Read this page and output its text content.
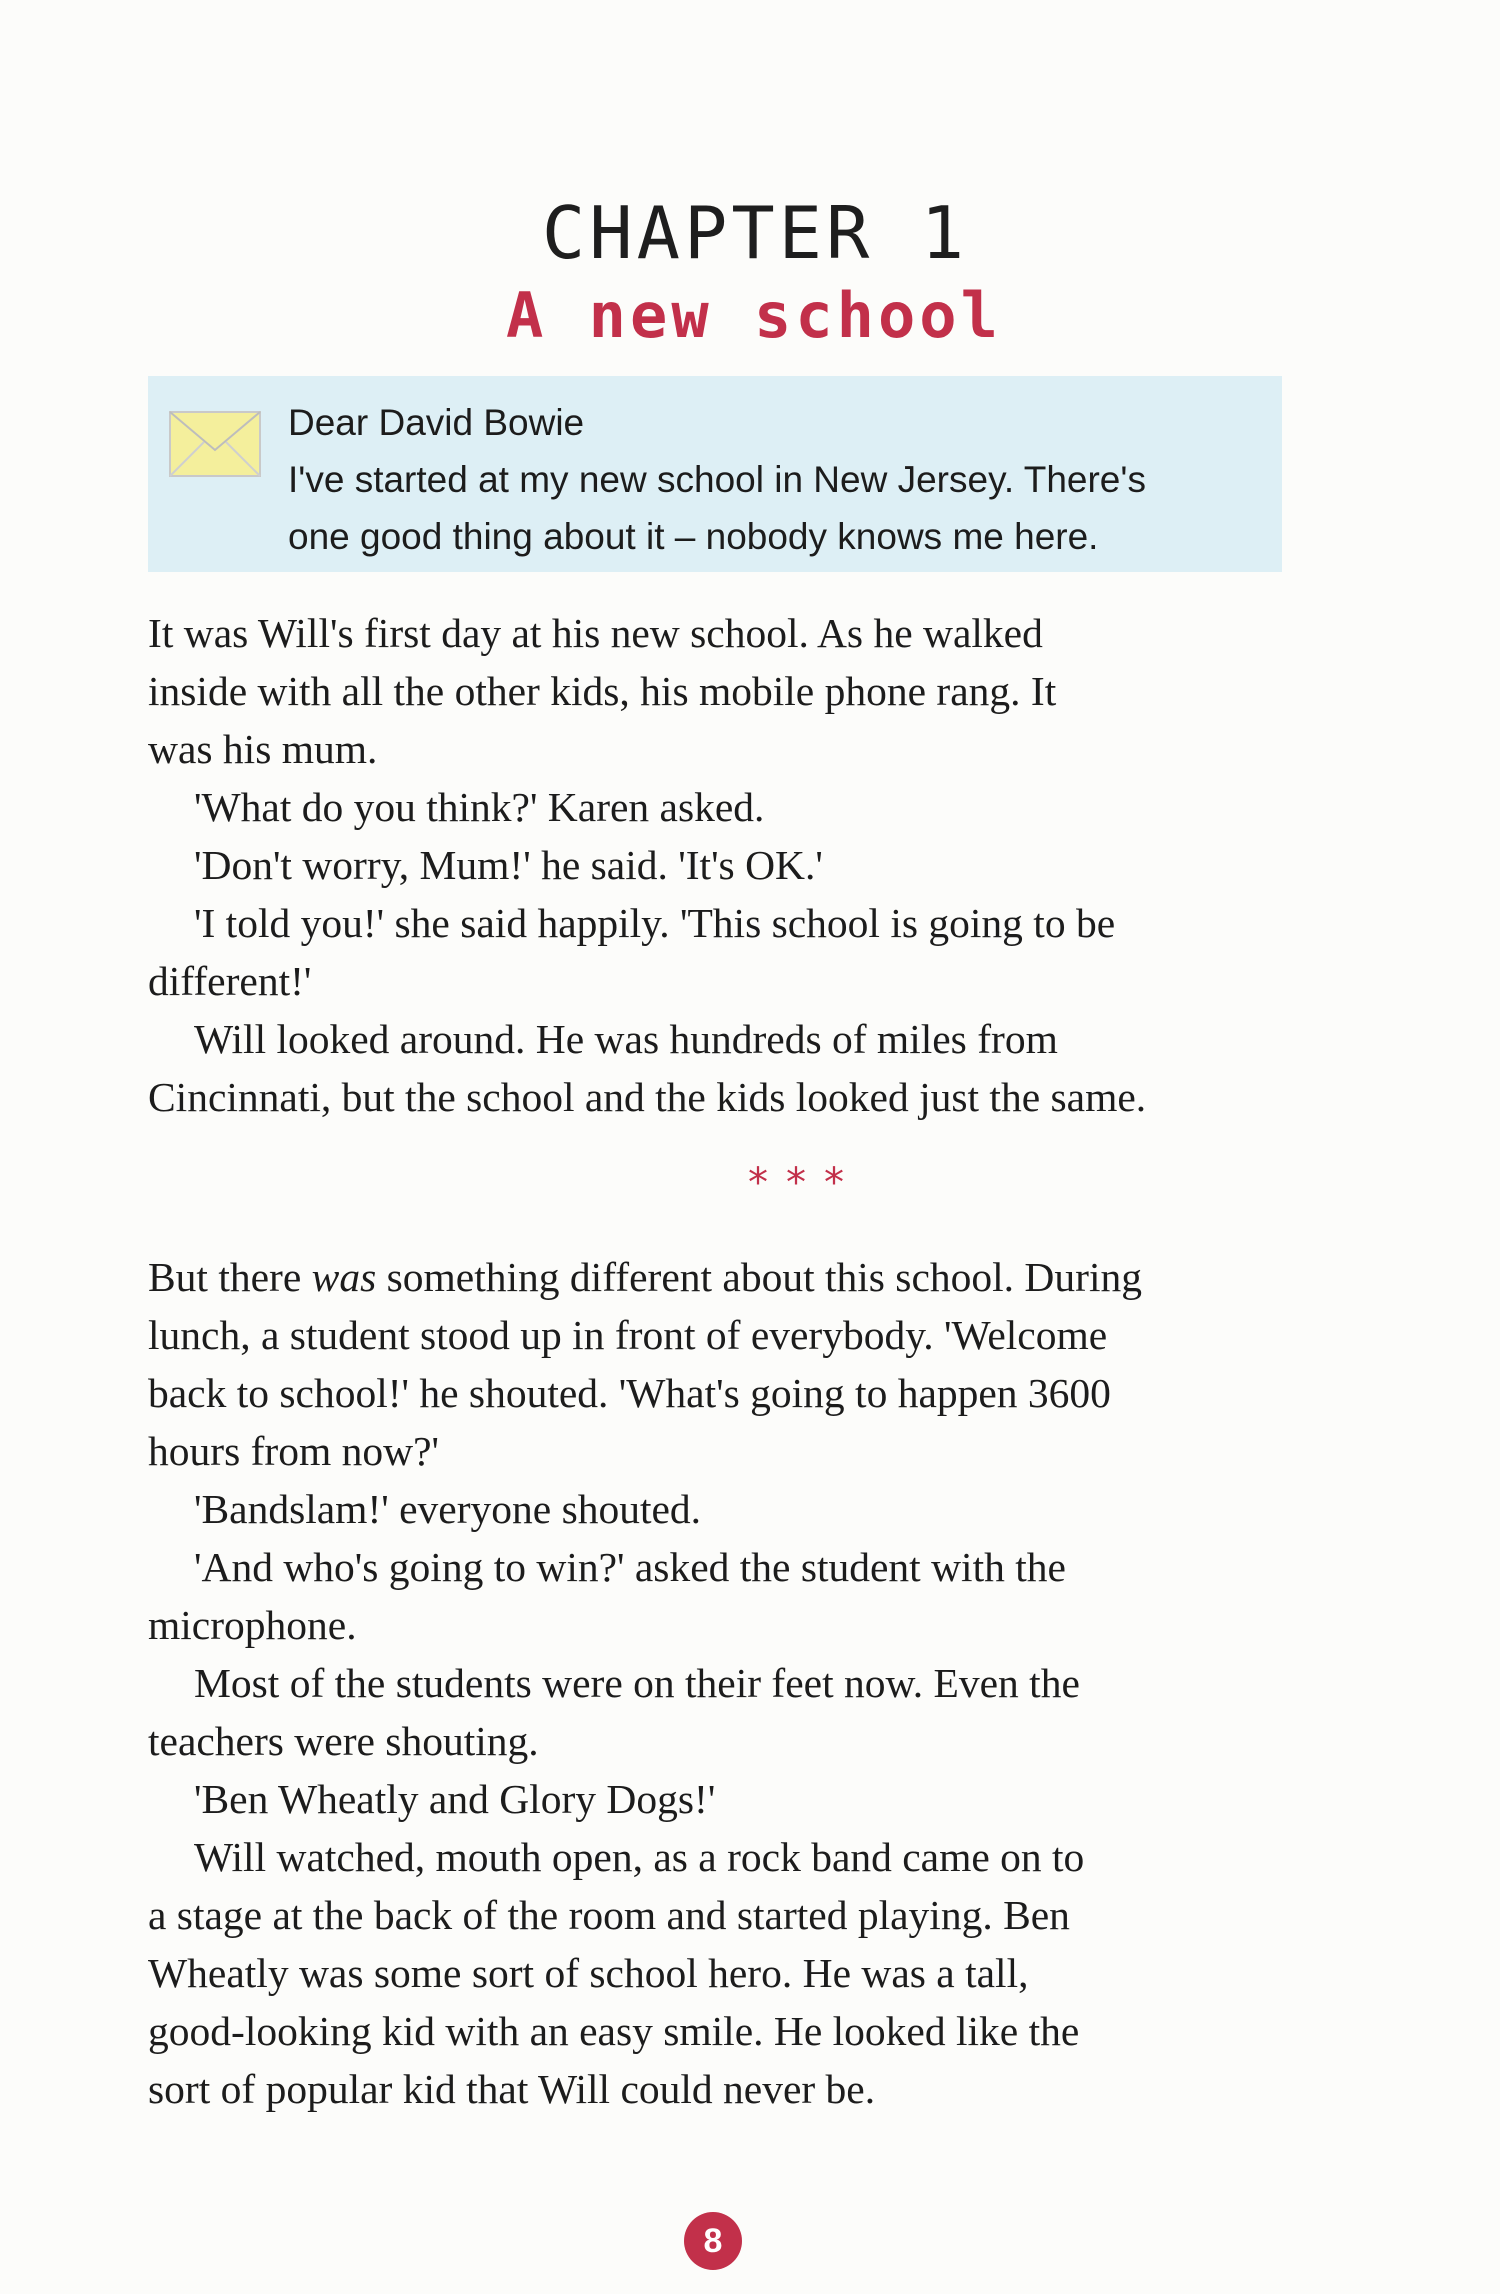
CHAPTER 1
A new school
Dear David Bowie
I've started at my new school in New Jersey. There's
one good thing about it – nobody knows me here.
It was Will's first day at his new school. As he walked
inside with all the other kids, his mobile phone rang. It
was his mum.
'What do you think?' Karen asked.
'Don't worry, Mum!' he said. 'It's OK.'
'I told you!' she said happily. 'This school is going to be
different!'
Will looked around. He was hundreds of miles from
Cincinnati, but the school and the kids looked just the same.
***
But there was something different about this school. During
lunch, a student stood up in front of everybody. 'Welcome
back to school!' he shouted. 'What's going to happen 3600
hours from now?'
'Bandslam!' everyone shouted.
'And who's going to win?' asked the student with the
microphone.
Most of the students were on their feet now. Even the
teachers were shouting.
'Ben Wheatly and Glory Dogs!'
Will watched, mouth open, as a rock band came on to
a stage at the back of the room and started playing. Ben
Wheatly was some sort of school hero. He was a tall,
good-looking kid with an easy smile. He looked like the
sort of popular kid that Will could never be.
8
